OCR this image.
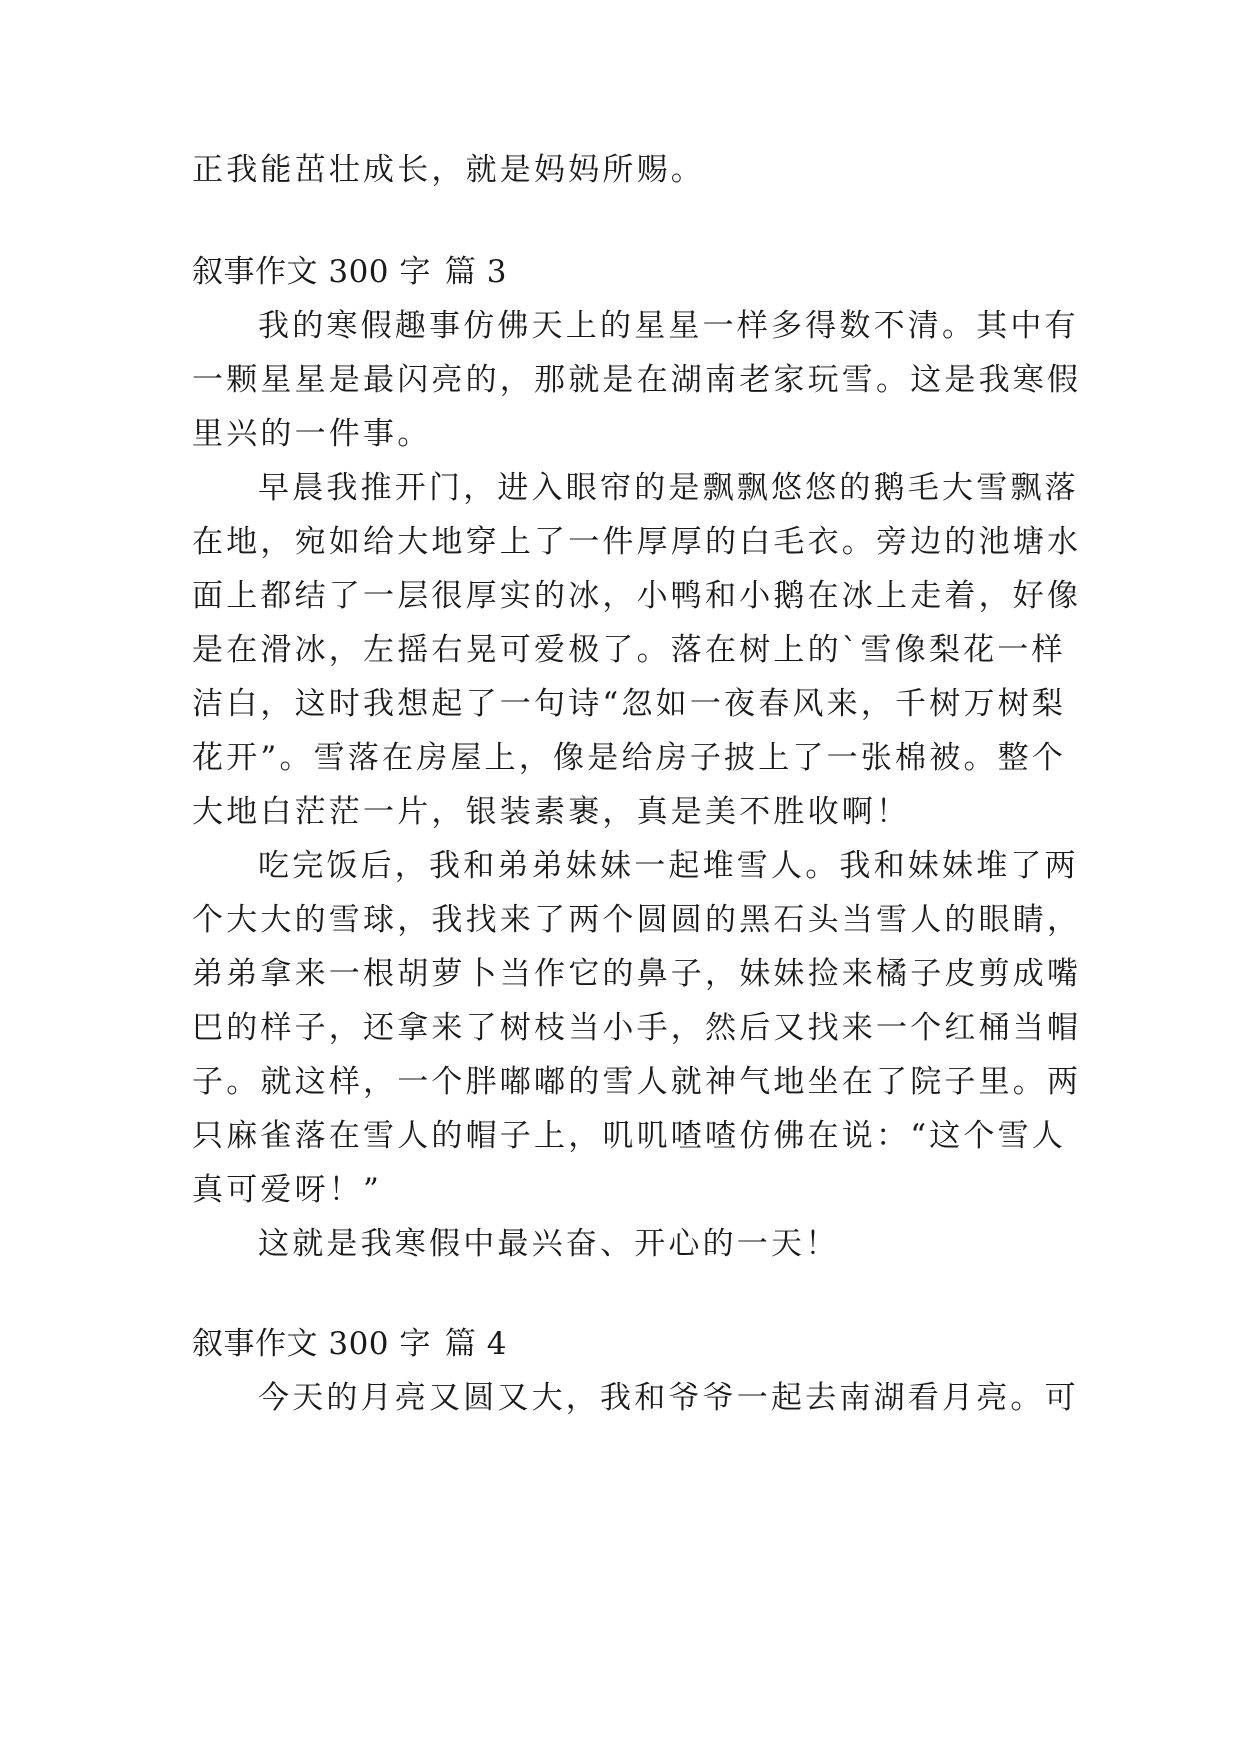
正我能茁壮成长，就是妈妈所赐。
叙事作文 300 字 篇 3
我的寒假趣事仿佛天上的星星一样多得数不清。其中有
一颗星星是最闪亮的，那就是在湖南老家玩雪。这是我寒假
里兴的一件事。
早晨我推开门，进入眼帘的是飘飘悠悠的鹅毛大雪飘落
在地，宛如给大地穿上了一件厚厚的白毛衣。旁边的池塘水
面上都结了一层很厚实的冰，小鸭和小鹅在冰上走着，好像
是在滑冰，左摇右晃可爱极了。落在树上的`雪像梨花一样
洁白，这时我想起了一句诗“忽如一夜春风来，千树万树梨
花开”。雪落在房屋上，像是给房子披上了一张棉被。整个
大地白茫茫一片，银装素裹，真是美不胜收啊！
吃完饭后，我和弟弟妹妹一起堆雪人。我和妹妹堆了两
个大大的雪球，我找来了两个圆圆的黑石头当雪人的眼睛，
弟弟拿来一根胡萝卜当作它的鼻子，妹妹捡来橘子皮剪成嘴
巴的样子，还拿来了树枝当小手，然后又找来一个红桶当帽
子。就这样，一个胖嘟嘟的雪人就神气地坐在了院子里。两
只麻雀落在雪人的帽子上，叽叽喳喳仿佛在说：“这个雪人
真可爱呀！”
这就是我寒假中最兴奋、开心的一天！
叙事作文 300 字 篇 4
今天的月亮又圆又大，我和爷爷一起去南湖看月亮。可
